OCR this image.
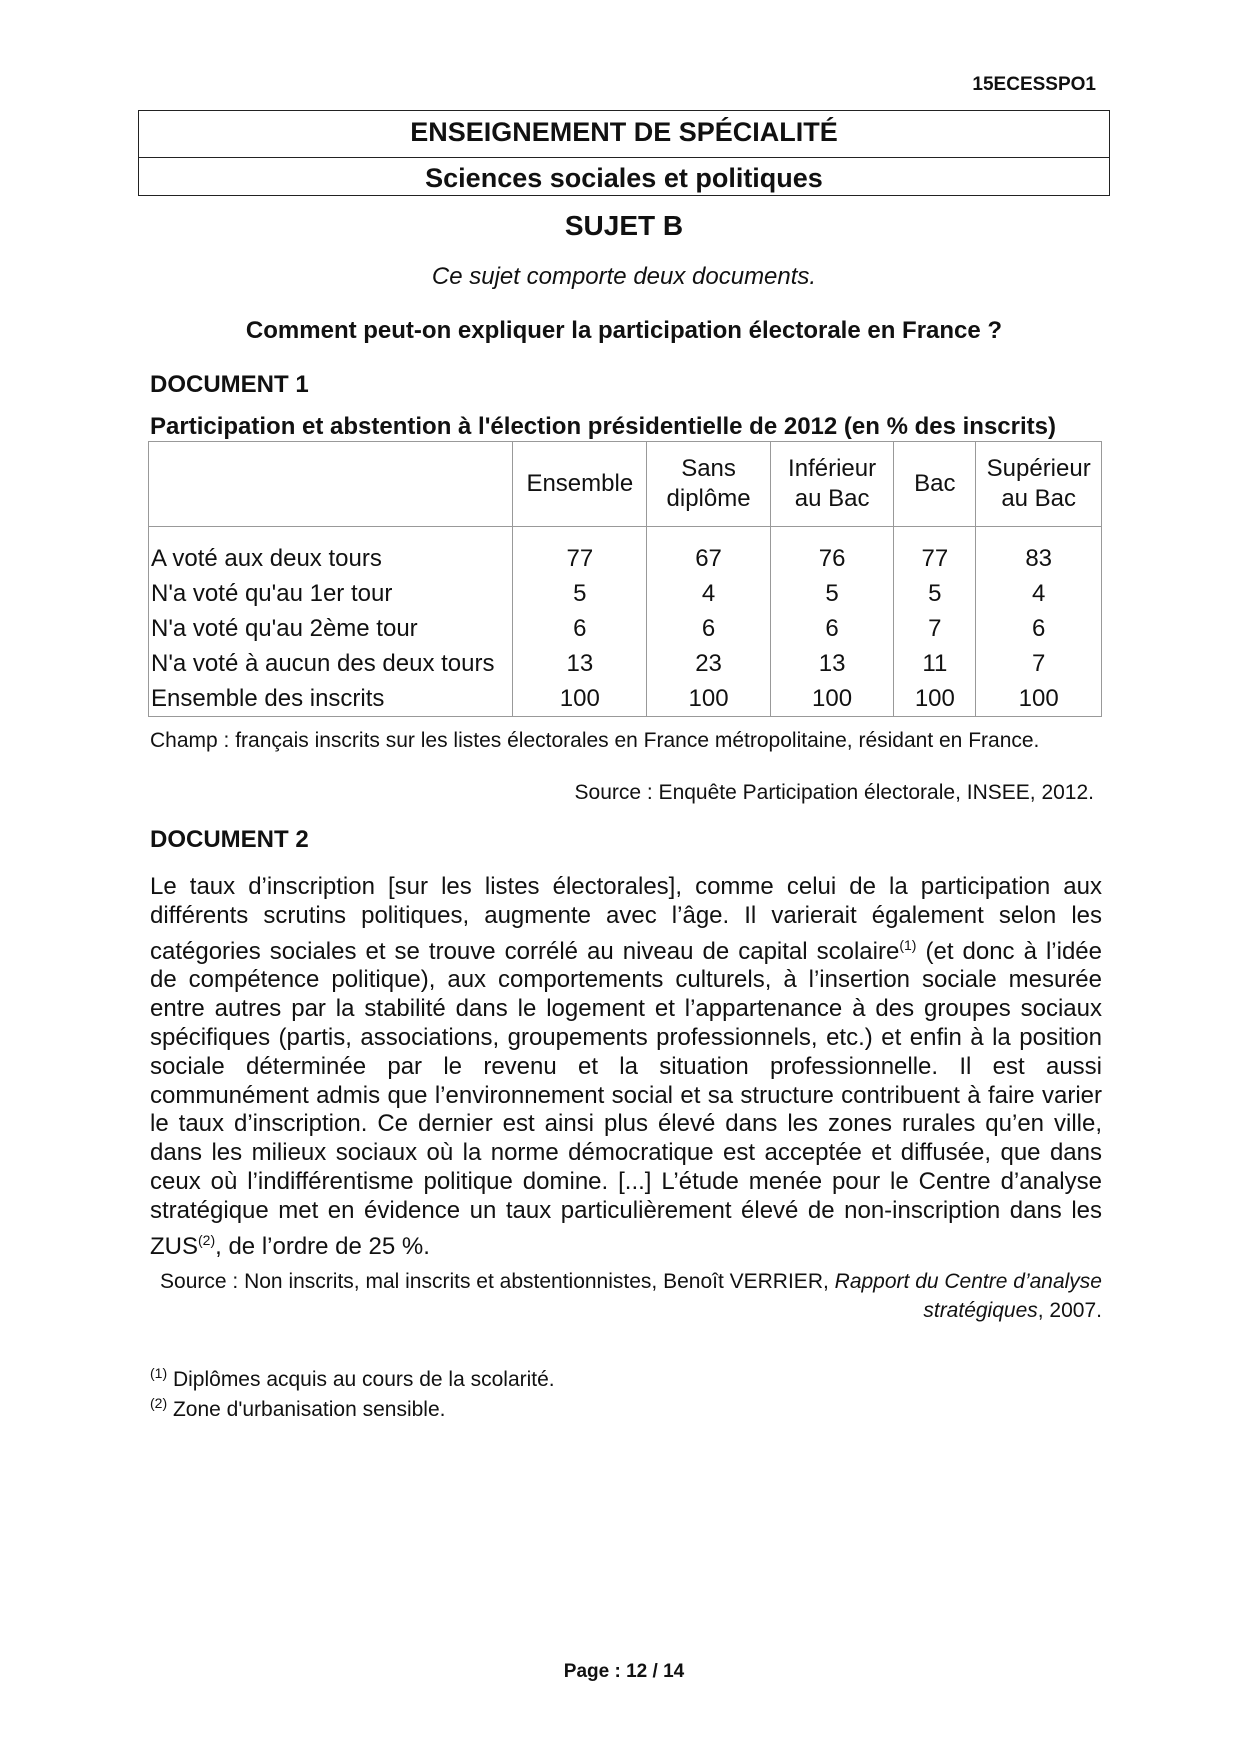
15ECESSPO1
ENSEIGNEMENT DE SPÉCIALITÉ
Sciences sociales et politiques
SUJET B
Ce sujet comporte deux documents.
Comment peut-on expliquer la participation électorale en France ?
DOCUMENT 1
Participation et abstention à l'élection présidentielle de 2012 (en % des inscrits)
	Ensemble	Sans diplôme	Inférieur au Bac	Bac	Supérieur au Bac

A voté aux deux tours	77	67	76	77	83
N'a voté qu'au 1er tour	5	4	5	5	4
N'a voté qu'au 2ème tour	6	6	6	7	6
N'a voté à aucun des deux tours	13	23	13	11	7
Ensemble des inscrits	100	100	100	100	100
Champ : français inscrits sur les listes électorales en France métropolitaine, résidant en France.
Source : Enquête Participation électorale, INSEE, 2012.
DOCUMENT 2
Le taux d’inscription [sur les listes électorales], comme celui de la participation aux différents scrutins politiques, augmente avec l’âge. Il varierait également selon les catégories sociales et se trouve corrélé au niveau de capital scolaire$^{(1)}$ (et donc à l’idée de compétence politique), aux comportements culturels, à l’insertion sociale mesurée entre autres par la stabilité dans le logement et l’appartenance à des groupes sociaux spécifiques (partis, associations, groupements professionnels, etc.) et enfin à la position sociale déterminée par le revenu et la situation professionnelle. Il est aussi communément admis que l’environnement social et sa structure contribuent à faire varier le taux d’inscription. Ce dernier est ainsi plus élevé dans les zones rurales qu’en ville, dans les milieux sociaux où la norme démocratique est acceptée et diffusée, que dans ceux où l’indifférentisme politique domine. [...] L’étude menée pour le Centre d’analyse stratégique met en évidence un taux particulièrement élevé de non-inscription dans les ZUS$^{(2)}$, de l’ordre de 25 %.
Source : Non inscrits, mal inscrits et abstentionnistes, Benoît VERRIER, Rapport du Centre d’analyse stratégiques, 2007.
$^{(1)}$ Diplômes acquis au cours de la scolarité.
$^{(2)}$ Zone d'urbanisation sensible.
Page : 12 / 14
